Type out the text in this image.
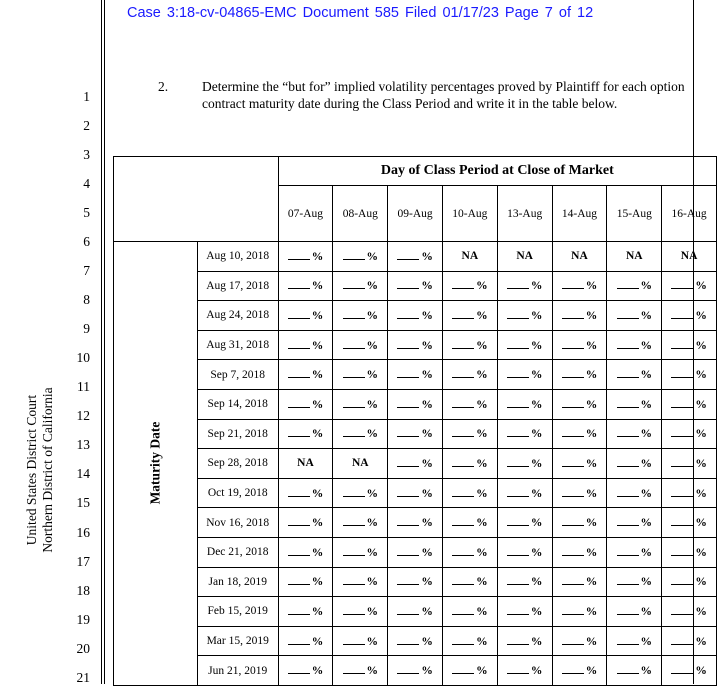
Case 3:18-cv-04865-EMC Document 585 Filed 01/17/23 Page 7 of 12
1
2
3
4
5
6
7
8
9
10
11
12
13
14
15
16
17
18
19
20
21
United States District Court Northern District of California
2.	Determine the “but for” implied volatility percentages proved by Plaintiff for each option contract maturity date during the Class Period and write it in the table below.
		Day of Class Period at Close of Market							
		07-Aug	08-Aug	09-Aug	10-Aug	13-Aug	14-Aug	15-Aug	16-Aug
Maturity Date	Aug 10, 2018	%	%	%	NA	NA	NA	NA	NA
	Aug 17, 2018	%	%	%	%	%	%	%	%
	Aug 24, 2018	%	%	%	%	%	%	%	%
	Aug 31, 2018	%	%	%	%	%	%	%	%
	Sep 7, 2018	%	%	%	%	%	%	%	%
	Sep 14, 2018	%	%	%	%	%	%	%	%
	Sep 21, 2018	%	%	%	%	%	%	%	%
	Sep 28, 2018	NA	NA	%	%	%	%	%	%
	Oct 19, 2018	%	%	%	%	%	%	%	%
	Nov 16, 2018	%	%	%	%	%	%	%	%
	Dec 21, 2018	%	%	%	%	%	%	%	%
	Jan 18, 2019	%	%	%	%	%	%	%	%
	Feb 15, 2019	%	%	%	%	%	%	%	%
	Mar 15, 2019	%	%	%	%	%	%	%	%
	Jun 21, 2019	%	%	%	%	%	%	%	%
